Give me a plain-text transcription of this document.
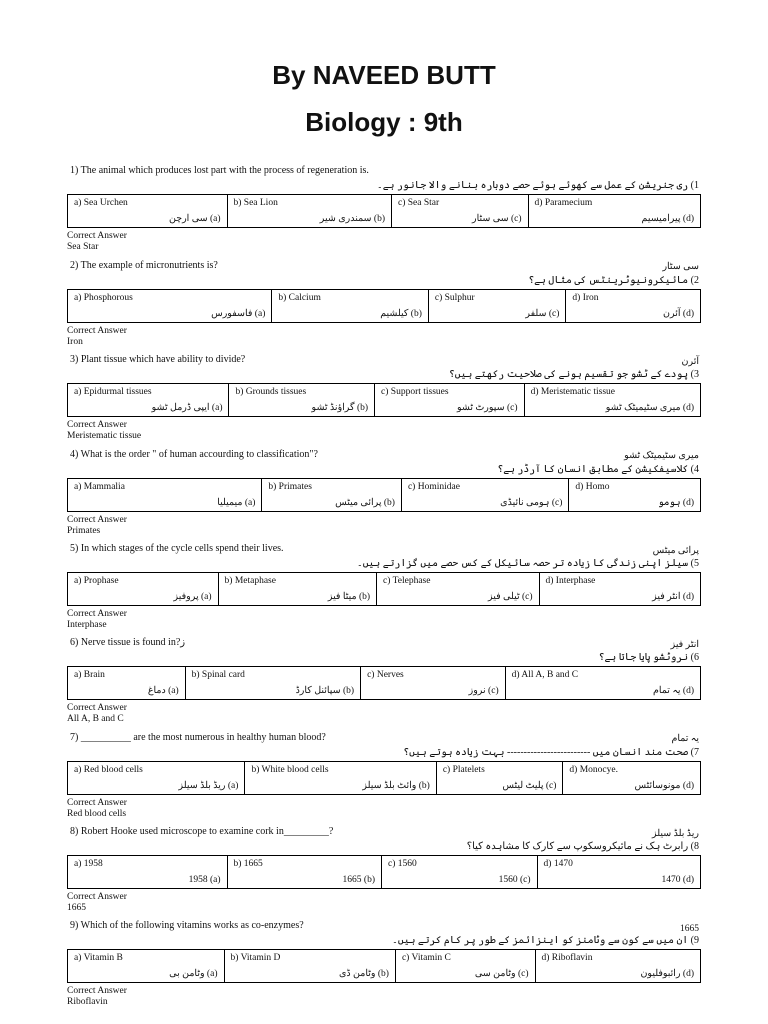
By NAVEED BUTT
Biology : 9th
1) The animal which produces lost part with the process of regeneration is.
1) ری جنریشن کے عمل سے کھوئے ہوئے حصے دوبارہ بنانے والا جانور ہے۔
a) Sea Urchen
(a) سی ارچن
b) Sea Lion
(b) سمندری شیر
c) Sea Star
(c) سی سٹار
d) Paramecium
(d) پیرامیسیم
Correct Answer
Sea Star
سی سٹار
2) The example of micronutrients is?
2) مائیکرونیوٹرینٹس کی مثال ہے؟
a) Phosphorous
(a) فاسفورس
b) Calcium
(b) کیلشیم
c) Sulphur
(c) سلفر
d) Iron
(d) آئرن
Correct Answer
Iron
آئرن
3) Plant tissue which have ability to divide?
3) پودے کے ٹشو جو تقسیم ہونے کی صلاحیت رکھتے ہیں؟
a) Epidurmal tissues
(a) ایپی ڈرمل ٹشو
b) Grounds tissues
(b) گراؤنڈ ٹشو
c) Support tissues
(c) سپورٹ ٹشو
d) Meristematic tissue
(d) میری سٹیمیٹک ٹشو
Correct Answer
Meristematic tissue
میری سٹیمیٹک ٹشو
4) What is the order " of human accourding to classification"?
4) کلاسیفکیشن کے مطابق انسان کا آرڈر ہے؟
a) Mammalia
(a) میمیلیا
b) Primates
(b) پرائی میٹس
c) Hominidae
(c) ہومی نائیڈی
d) Homo
(d) ہومو
Correct Answer
Primates
پرائی میٹس
5) In which stages of the cycle cells spend their lives.
5) سیلز اپنی زندگی کا زیادہ تر حصہ سائیکل کے کس حصے میں گزارتے ہیں۔
a) Prophase
(a) پروفیز
b) Metaphase
(b) میٹا فیز
c) Telephase
(c) ٹیلی فیز
d) Interphase
(d) انٹر فیز
Correct Answer
Interphase
انٹر فیز
6) Nerve tissue is found in?ز
6) نروٹشو پایا جاتا ہے؟
a) Brain
(a) دماغ
b) Spinal card
(b) سپائنل کارڈ
c) Nerves
(c) نروز
d) All A, B and C
(d) یہ تمام
Correct Answer
All A, B and C
یہ تمام
7) __________ are the most numerous in healthy human blood?
7) صحت مند انسان میں ------------------------- بہت زیادہ ہوتے ہیں؟
a) Red blood cells
(a) ریڈ بلڈ سیلز
b) White blood cells
(b) وائٹ بلڈ سیلز
c) Platelets
(c) پلیٹ لیٹس
d) Monocye.
(d) مونوسائٹس
Correct Answer
Red blood cells
ریڈ بلڈ سیلز
8) Robert Hooke used microscope to examine cork in_________?
8) رابرٹ ہک نے مائیکروسکوپ سے کارک کا مشاہدہ کیا؟
a) 1958
(a) 1958
b) 1665
(b) 1665
c) 1560
(c) 1560
d) 1470
(d) 1470
Correct Answer
1665
1665
9) Which of the following vitamins works as co-enzymes?
9) ان میں سے کون سے وٹامنز کو اینزائمز کے طور پر کام کرتے ہیں۔
a) Vitamin B
(a) وٹامن بی
b) Vitamin D
(b) وٹامن ڈی
c) Vitamin C
(c) وٹامن سی
d) Riboflavin
(d) رائبوفلیون
Correct Answer
Riboflavin
